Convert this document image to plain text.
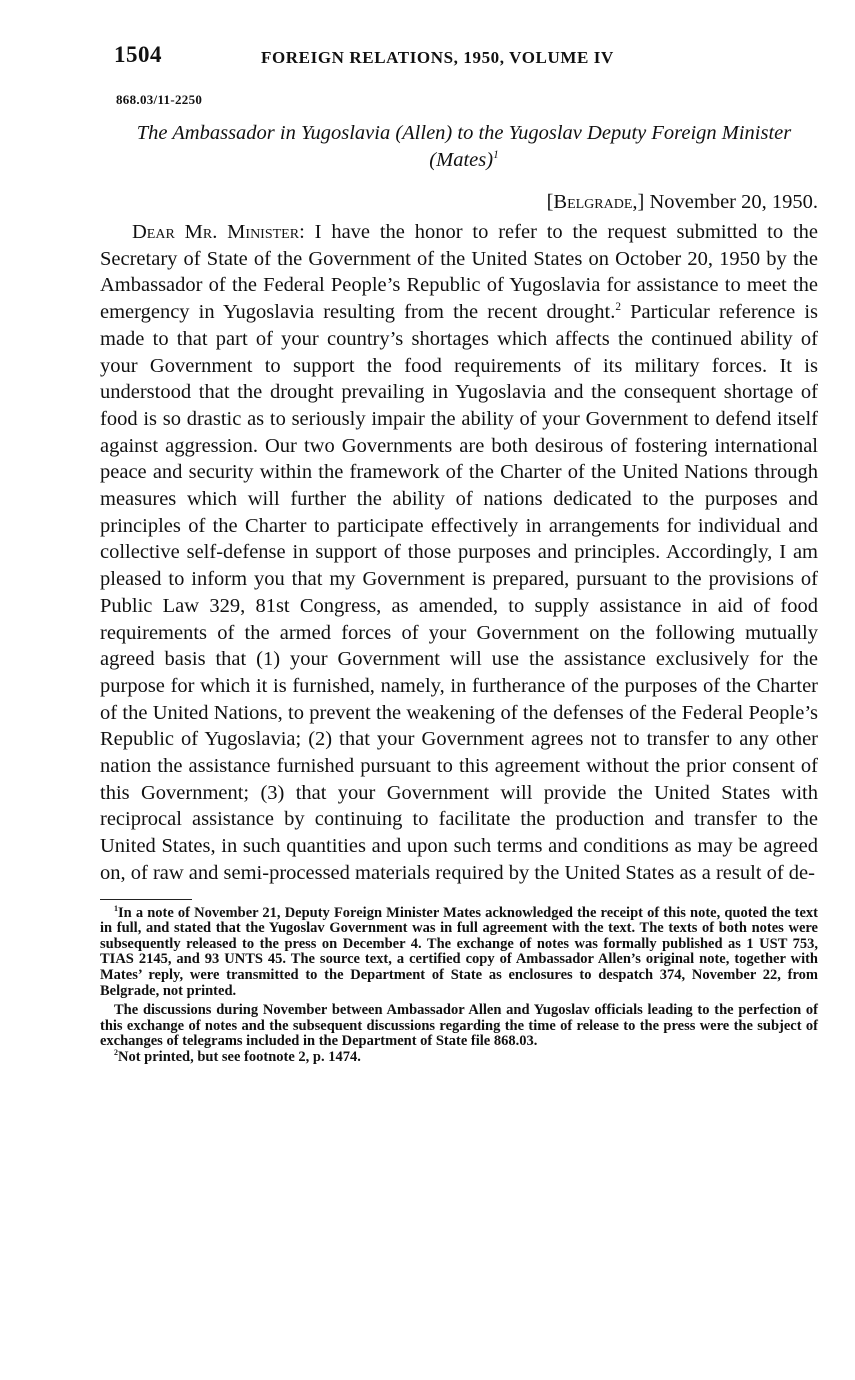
1504	FOREIGN RELATIONS, 1950, VOLUME IV
868.03/11-2250
The Ambassador in Yugoslavia (Allen) to the Yugoslav Deputy Foreign Minister (Mates)$^1$
[Belgrade,] November 20, 1950.
Dear Mr. Minister: I have the honor to refer to the request submitted to the Secretary of State of the Government of the United States on October 20, 1950 by the Ambassador of the Federal People’s Republic of Yugoslavia for assistance to meet the emergency in Yugoslavia resulting from the recent drought.$^2$ Particular reference is made to that part of your country’s shortages which affects the continued ability of your Government to support the food requirements of its military forces. It is understood that the drought prevailing in Yugoslavia and the consequent shortage of food is so drastic as to seriously impair the ability of your Government to defend itself against aggression. Our two Governments are both desirous of fostering international peace and security within the framework of the Charter of the United Nations through measures which will further the ability of nations dedicated to the purposes and principles of the Charter to participate effectively in arrangements for individual and collective self-defense in support of those purposes and principles. Accordingly, I am pleased to inform you that my Government is prepared, pursuant to the provisions of Public Law 329, 81st Congress, as amended, to supply assistance in aid of food requirements of the armed forces of your Government on the following mutually agreed basis that (1) your Government will use the assistance exclusively for the purpose for which it is furnished, namely, in furtherance of the purposes of the Charter of the United Nations, to prevent the weakening of the defenses of the Federal People’s Republic of Yugoslavia; (2) that your Government agrees not to transfer to any other nation the assistance furnished pursuant to this agreement without the prior consent of this Government; (3) that your Government will provide the United States with reciprocal assistance by continuing to facilitate the production and transfer to the United States, in such quantities and upon such terms and conditions as may be agreed on, of raw and semi-processed materials required by the United States as a result of de-

$^1$In a note of November 21, Deputy Foreign Minister Mates acknowledged the receipt of this note, quoted the text in full, and stated that the Yugoslav Government was in full agreement with the text. The texts of both notes were subsequently released to the press on December 4. The exchange of notes was formally published as 1 UST 753, TIAS 2145, and 93 UNTS 45. The source text, a certified copy of Ambassador Allen’s original note, together with Mates’ reply, were transmitted to the Department of State as enclosures to despatch 374, November 22, from Belgrade, not printed.

The discussions during November between Ambassador Allen and Yugoslav officials leading to the perfection of this exchange of notes and the subsequent discussions regarding the time of release to the press were the subject of exchanges of telegrams included in the Department of State file 868.03.

$^2$Not printed, but see footnote 2, p. 1474.
